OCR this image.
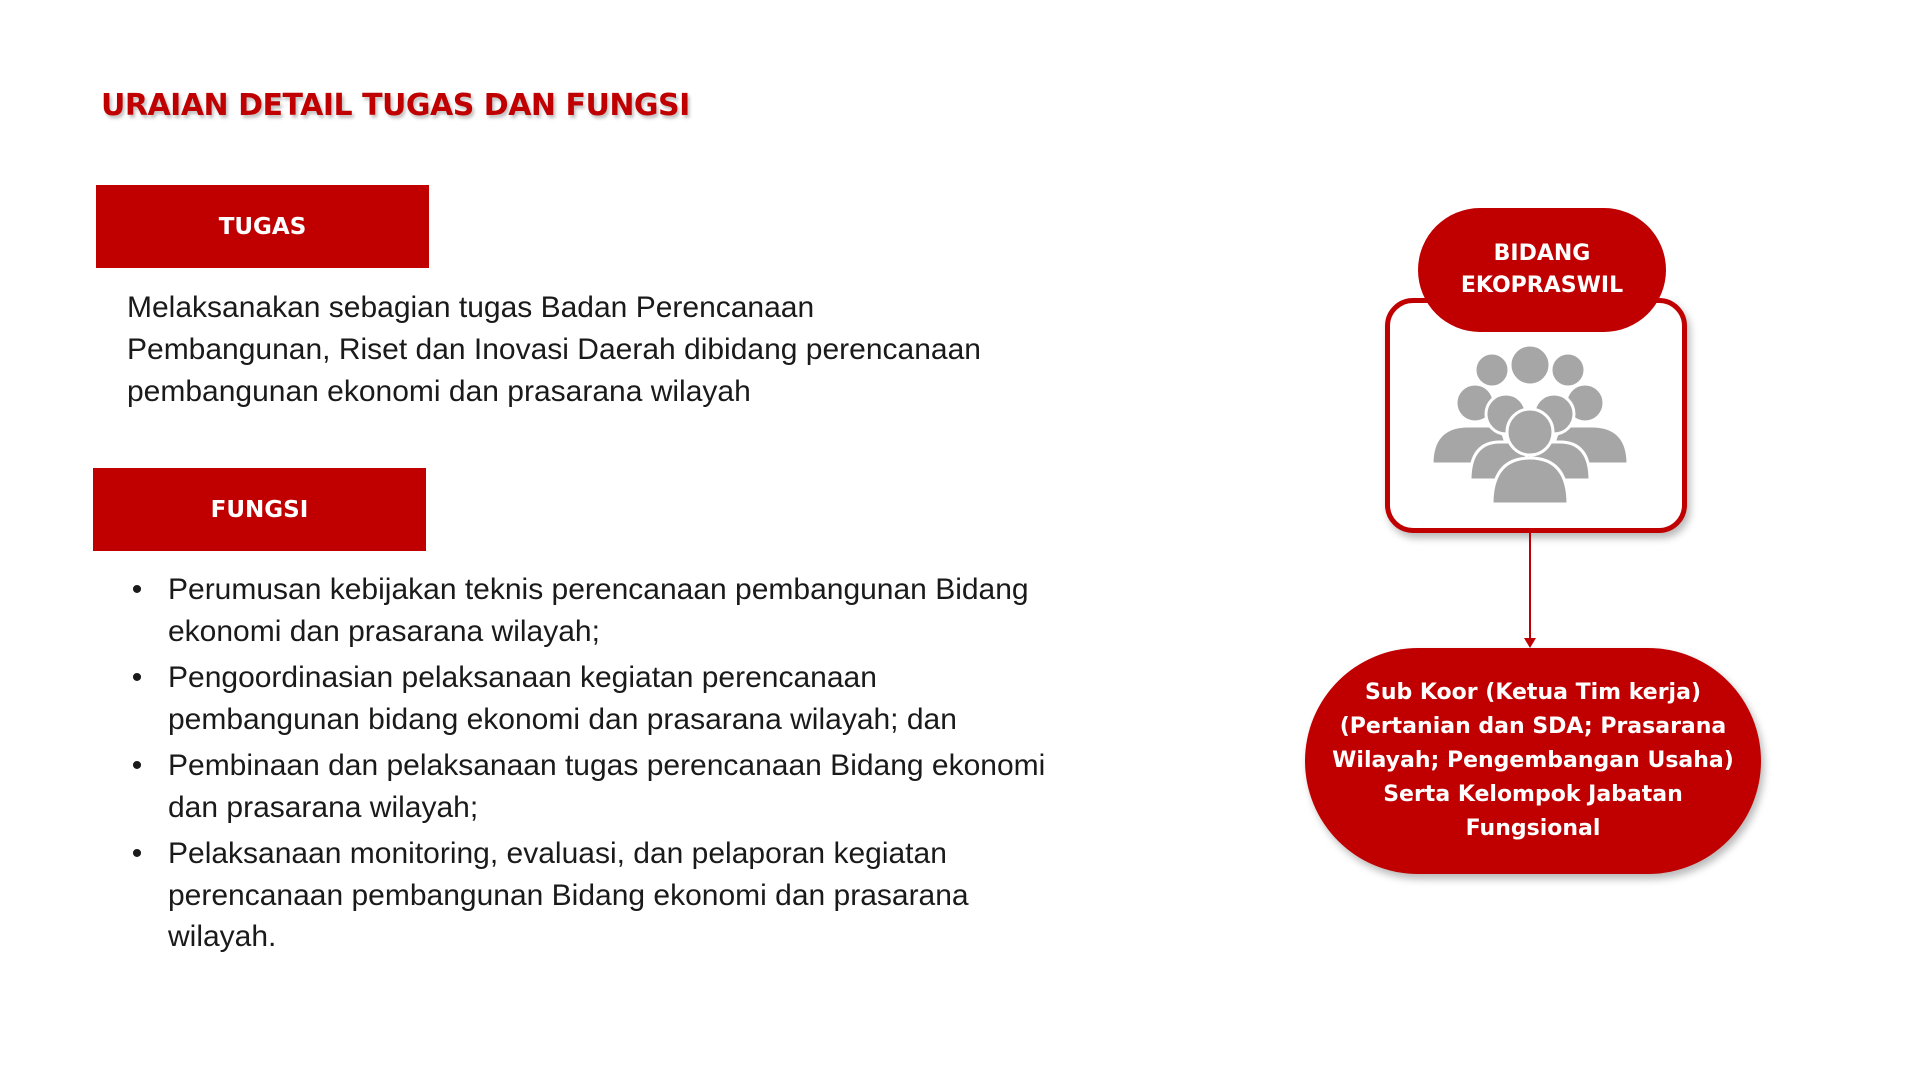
URAIAN DETAIL TUGAS DAN FUNGSI
TUGAS
Melaksanakan sebagian tugas Badan Perencanaan
Pembangunan, Riset dan Inovasi Daerah dibidang perencanaan
pembangunan ekonomi dan prasarana wilayah
FUNGSI
• Perumusan kebijakan teknis perencanaan pembangunan Bidang
ekonomi dan prasarana wilayah;
• Pengoordinasian pelaksanaan kegiatan perencanaan
pembangunan bidang ekonomi dan prasarana wilayah; dan
• Pembinaan dan pelaksanaan tugas perencanaan Bidang ekonomi
dan prasarana wilayah;
• Pelaksanaan monitoring, evaluasi, dan pelaporan kegiatan
perencanaan pembangunan Bidang ekonomi dan prasarana
wilayah.
BIDANG
EKOPRASWIL
Sub Koor (Ketua Tim kerja)
(Pertanian dan SDA; Prasarana
Wilayah; Pengembangan Usaha)
Serta Kelompok Jabatan
Fungsional
